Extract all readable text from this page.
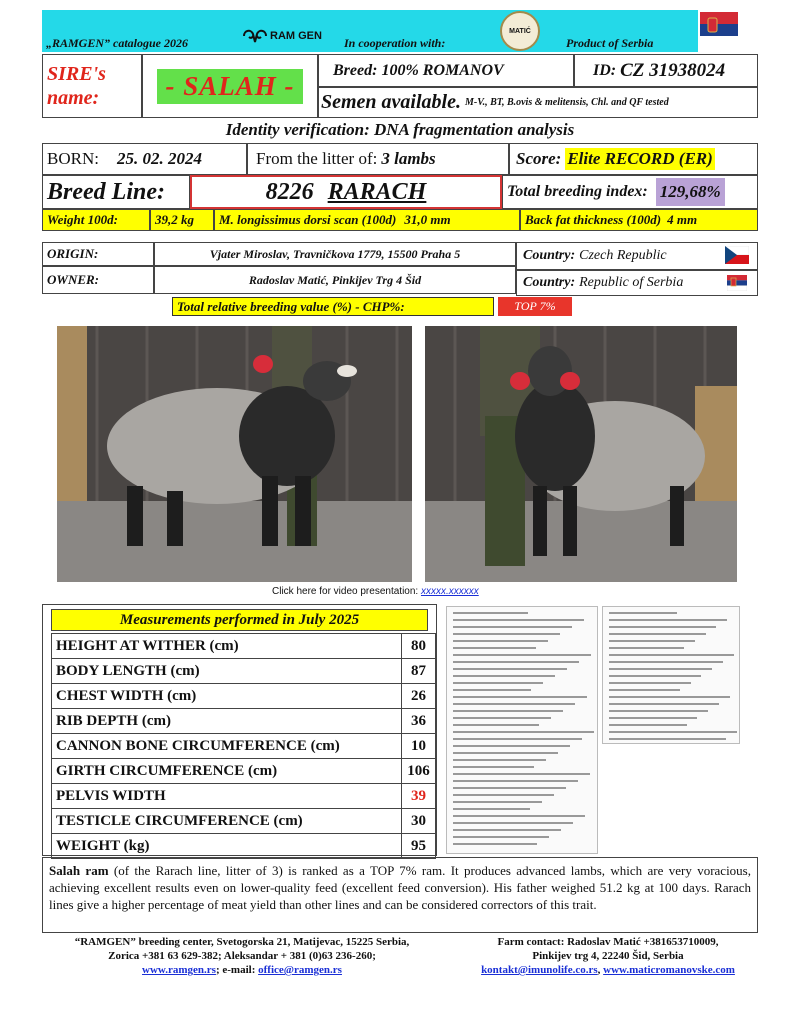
„RAMGEN” catalogue 2026	RAM GEN In cooperation with:
MATIĆ
Product of Serbia
SIRE's name:	- SALAH -
Breed:
100% ROMANOV	ID:
CZ 31938024
Semen available.
M-V., BT, B.ovis & melitensis, Chl. and QF tested
Identity verification: DNA fragmentation analysis
BORN: 25. 02. 2024	From the litter of:
3 lambs	Score: Elite RECORD (ER)
Breed Line:	8226 RARACH	Total breeding index: 129,68%
Weight 100d:	39,2 kg M. longissimus dorsi scan (100d) 31,0 mm	Back fat thickness (100d) 4 mm
ORIGIN:	Vjater Miroslav, Travničkova 1779, 15500 Praha 5	Country:
Czech Republic
OWNER:	Radoslav Matić, Pinkijev Trg 4 Šid	Country:
Republic of Serbia
Total relative breeding value (%) - CHP%:	TOP 7%
Click here for video presentation: xxxxx.xxxxxx
Measurements performed in July 2025
HEIGHT AT WITHER (cm)	80
BODY LENGTH (cm)	87
CHEST WIDTH (cm)	26
RIB DEPTH (cm)	36
CANNON BONE CIRCUMFERENCE (cm)	10
GIRTH CIRCUMFERENCE (cm)	106
PELVIS WIDTH	39
TESTICLE CIRCUMFERENCE (cm)	30
WEIGHT (kg)	95
Salah ram (of the Rarach line, litter of 3) is ranked as a TOP 7% ram. It produces advanced lambs, which are very voracious, achieving excellent results even on lower-quality feed (excellent feed conversion). His father weighed 51.2 kg at 100 days. Rarach lines give a higher percentage of meat yield than other lines and can be considered correctors of this trait.
“RAMGEN” breeding center, Svetogorska 21, Matijevac, 15225 Serbia,
Zorica +381 63 629-382; Aleksandar + 381 (0)63 236-260;
www.ramgen.rs; e-mail: office@ramgen.rs
Farm contact: Radoslav Matić +381653710009,
Pinkijev trg 4, 22240 Šid, Serbia
kontakt@imunolife.co.rs, www.maticromanovske.com
